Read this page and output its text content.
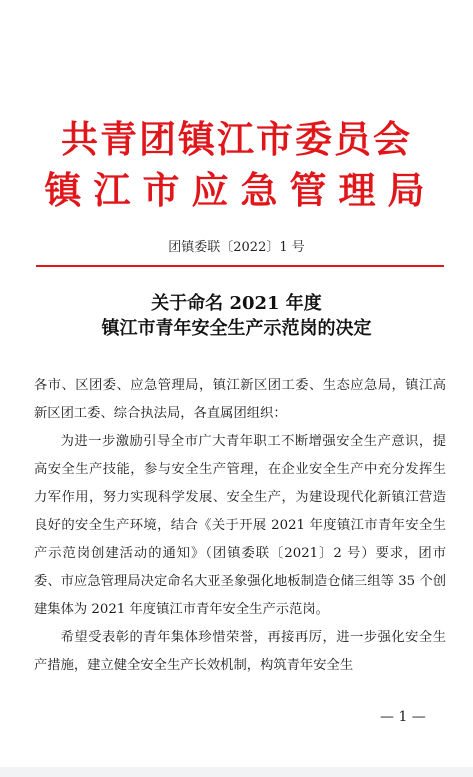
共青团镇江市委员会
镇江市应急管理局
团镇委联〔2022〕1 号
关于命名 2021 年度
镇江市青年安全生产示范岗的决定

各市、区团委、应急管理局，镇江新区团工委、生态应急局，镇江高新区团工委、综合执法局，各直属团组织：

为进一步激励引导全市广大青年职工不断增强安全生产意识，提高安全生产技能，参与安全生产管理，在企业安全生产中充分发挥生力军作用，努力实现科学发展、安全生产，为建设现代化新镇江营造良好的安全生产环境，结合《关于开展 2021 年度镇江市青年安全生产示范岗创建活动的通知》（团镇委联〔2021〕2 号）要求，团市委、市应急管理局决定命名大亚圣象强化地板制造仓储三组等 35 个创建集体为 2021 年度镇江市青年安全生产示范岗。

希望受表彰的青年集体珍惜荣誉，再接再厉，进一步强化安全生产措施，建立健全安全生产长效机制，构筑青年安全生

— 1 —
